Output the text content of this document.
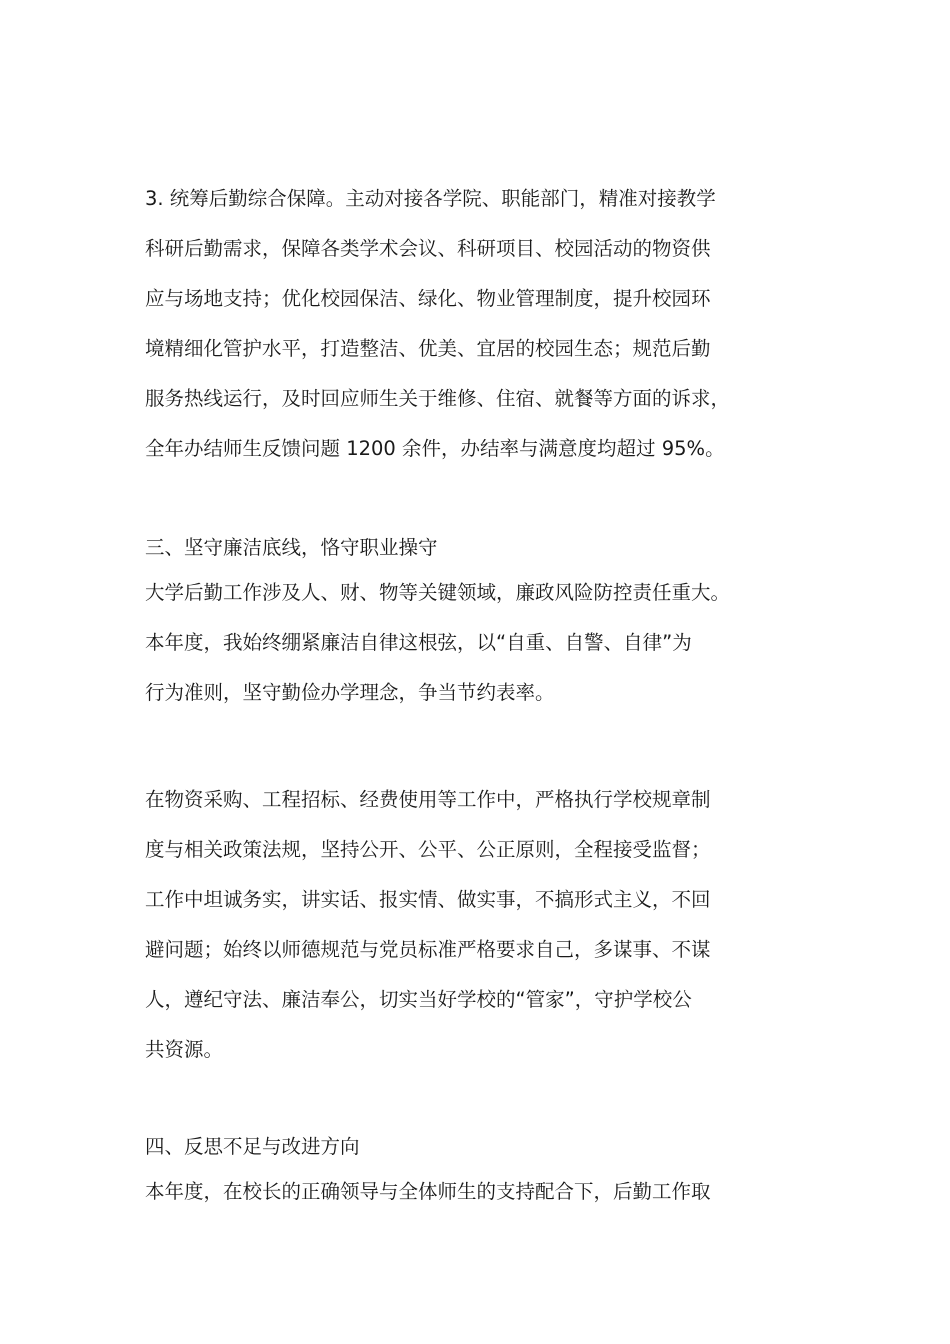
3. 统筹后勤综合保障。主动对接各学院、职能部门，精准对接教学
科研后勤需求，保障各类学术会议、科研项目、校园活动的物资供
应与场地支持；优化校园保洁、绿化、物业管理制度，提升校园环
境精细化管护水平，打造整洁、优美、宜居的校园生态；规范后勤
服务热线运行，及时回应师生关于维修、住宿、就餐等方面的诉求，
全年办结师生反馈问题 1200 余件，办结率与满意度均超过 95%。
三、坚守廉洁底线，恪守职业操守
大学后勤工作涉及人、财、物等关键领域，廉政风险防控责任重大。
本年度，我始终绷紧廉洁自律这根弦，以“自重、自警、自律”为
行为准则，坚守勤俭办学理念，争当节约表率。
在物资采购、工程招标、经费使用等工作中，严格执行学校规章制
度与相关政策法规，坚持公开、公平、公正原则，全程接受监督；
工作中坦诚务实，讲实话、报实情、做实事，不搞形式主义，不回
避问题；始终以师德规范与党员标准严格要求自己，多谋事、不谋
人，遵纪守法、廉洁奉公，切实当好学校的“管家”，守护学校公
共资源。
四、反思不足与改进方向
本年度，在校长的正确领导与全体师生的支持配合下，后勤工作取
